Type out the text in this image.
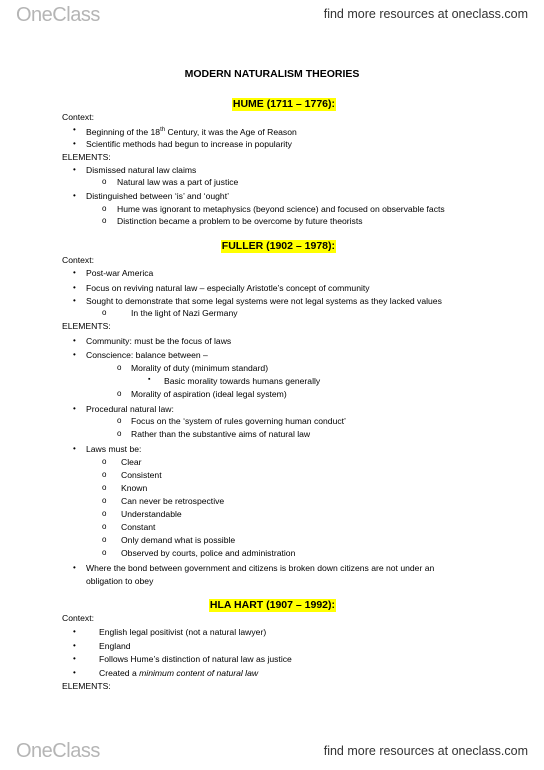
OneClass	find more resources at oneclass.com
MODERN NATURALISM THEORIES
HUME (1711 – 1776):
Context:
• Beginning of the 18th Century, it was the Age of Reason
• Scientific methods had begun to increase in popularity
ELEMENTS:
• Dismissed natural law claims
o Natural law was a part of justice
• Distinguished between ‘is’ and ‘ought’
o Hume was ignorant to metaphysics (beyond science) and focused on observable facts
o Distinction became a problem to be overcome by future theorists
FULLER (1902 – 1978):
Context:
• Post-war America
• Focus on reviving natural law – especially Aristotle’s concept of community
• Sought to demonstrate that some legal systems were not legal systems as they lacked values
o	In the light of Nazi Germany
ELEMENTS:
• Community: must be the focus of laws
• Conscience: balance between –
o Morality of duty (minimum standard)
▪ Basic morality towards humans generally
o Morality of aspiration (ideal legal system)
• Procedural natural law:
o Focus on the ‘system of rules governing human conduct’
o Rather than the substantive aims of natural law
• Laws must be:
o Clear
o Consistent
o Known
o Can never be retrospective
o Understandable
o Constant
o Only demand what is possible
o Observed by courts, police and administration
• Where the bond between government and citizens is broken down citizens are not under an
obligation to obey
HLA HART (1907 – 1992):
Context:
•	English legal positivist (not a natural lawyer)
•	England
•	Follows Hume’s distinction of natural law as justice
•	Created a minimum content of natural law
ELEMENTS:
OneClass	find more resources at oneclass.com
